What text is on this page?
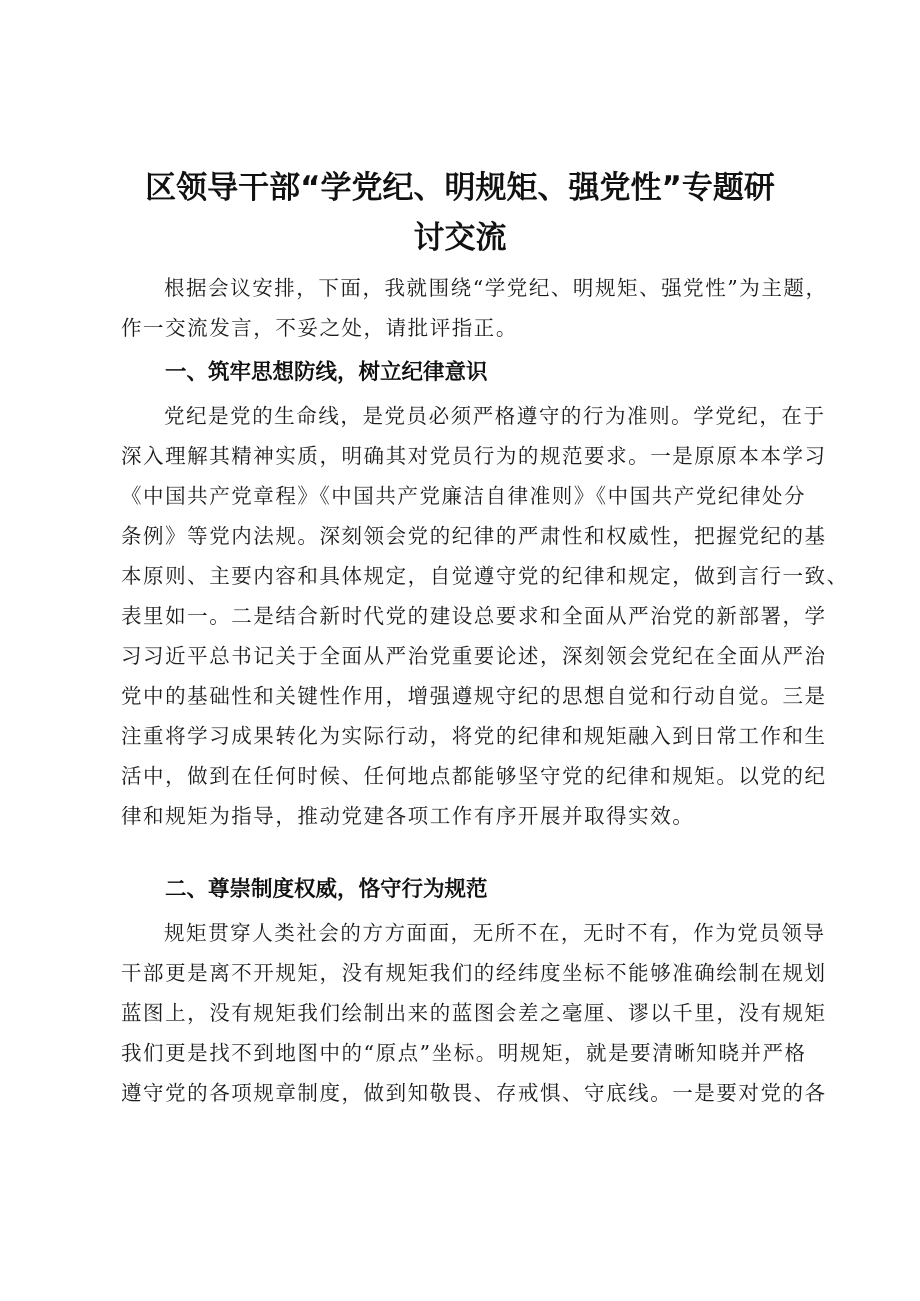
区领导干部“学党纪、明规矩、强党性”专题研
讨交流
根据会议安排，下面，我就围绕“学党纪、明规矩、强党性”为主题，
作一交流发言，不妥之处，请批评指正。
一、筑牢思想防线，树立纪律意识
党纪是党的生命线，是党员必须严格遵守的行为准则。学党纪，在于
深入理解其精神实质，明确其对党员行为的规范要求。一是原原本本学习
《中国共产党章程》《中国共产党廉洁自律准则》《中国共产党纪律处分
条例》等党内法规。深刻领会党的纪律的严肃性和权威性，把握党纪的基
本原则、主要内容和具体规定，自觉遵守党的纪律和规定，做到言行一致、
表里如一。二是结合新时代党的建设总要求和全面从严治党的新部署，学
习习近平总书记关于全面从严治党重要论述，深刻领会党纪在全面从严治
党中的基础性和关键性作用，增强遵规守纪的思想自觉和行动自觉。三是
注重将学习成果转化为实际行动，将党的纪律和规矩融入到日常工作和生
活中，做到在任何时候、任何地点都能够坚守党的纪律和规矩。以党的纪
律和规矩为指导，推动党建各项工作有序开展并取得实效。
二、尊崇制度权威，恪守行为规范
规矩贯穿人类社会的方方面面，无所不在，无时不有，作为党员领导
干部更是离不开规矩，没有规矩我们的经纬度坐标不能够准确绘制在规划
蓝图上，没有规矩我们绘制出来的蓝图会差之毫厘、谬以千里，没有规矩
我们更是找不到地图中的“原点”坐标。明规矩，就是要清晰知晓并严格
遵守党的各项规章制度，做到知敬畏、存戒惧、守底线。一是要对党的各
